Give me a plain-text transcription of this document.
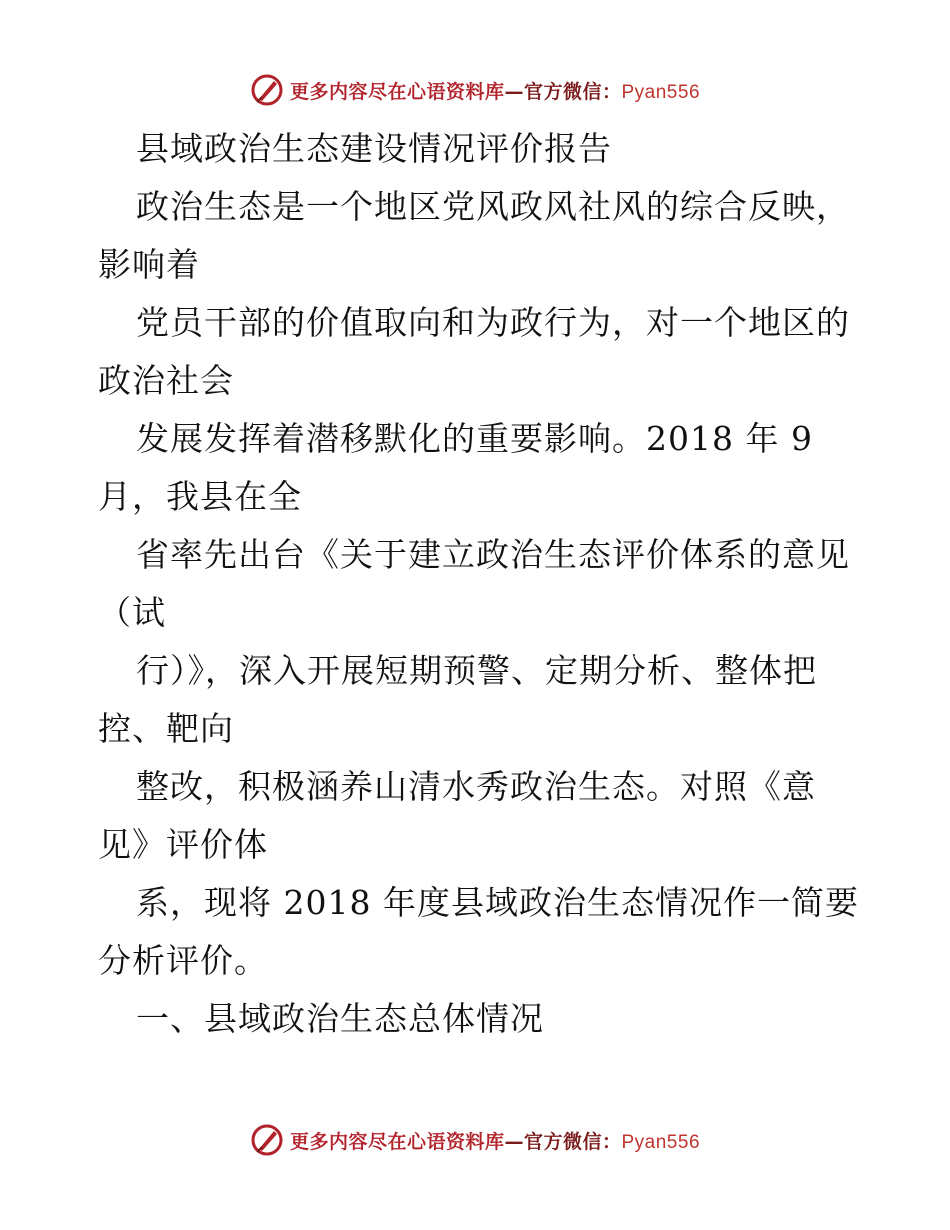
更多内容尽在心语资料库—官方微信：Pyan556
县域政治生态建设情况评价报告
政治生态是一个地区党风政风社风的综合反映，
影响着
党员干部的价值取向和为政行为，对一个地区的
政治社会
发展发挥着潜移默化的重要影响。2018 年 9
月，我县在全
省率先出台《关于建立政治生态评价体系的意见
（试
行）》，深入开展短期预警、定期分析、整体把
控、靶向
整改，积极涵养山清水秀政治生态。对照《意
见》评价体
系，现将 2018 年度县域政治生态情况作一简要
分析评价。
一、县域政治生态总体情况
更多内容尽在心语资料库—官方微信：Pyan556
